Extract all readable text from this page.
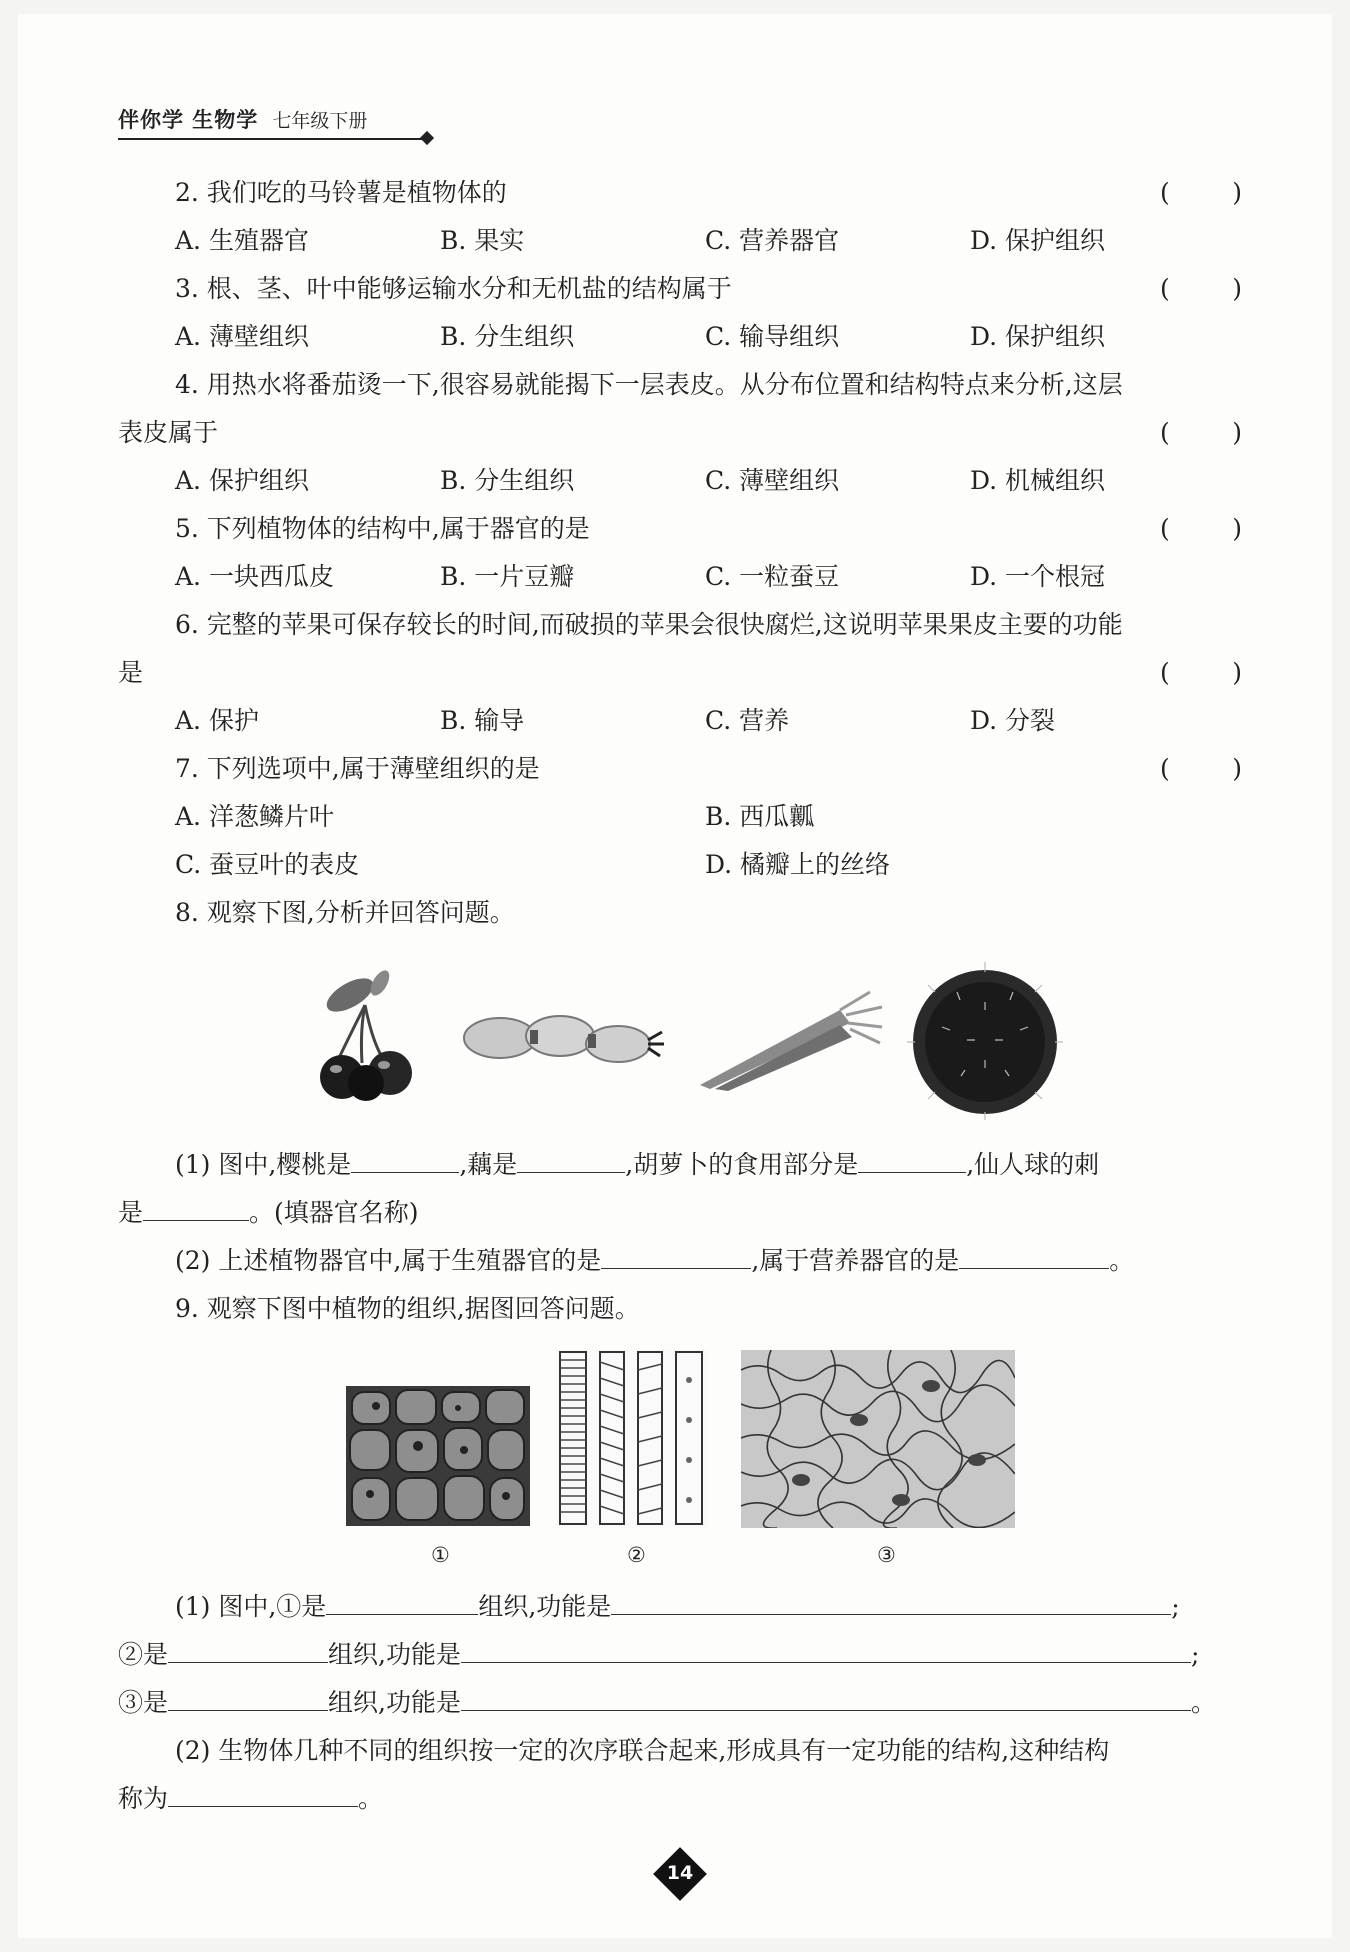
伴你学 生物学 七年级下册
2. 我们吃的马铃薯是植物体的	( )
A. 生殖器官	B. 果实	C. 营养器官	D. 保护组织
3. 根、茎、叶中能够运输水分和无机盐的结构属于	( )
A. 薄壁组织	B. 分生组织	C. 输导组织	D. 保护组织
4. 用热水将番茄烫一下,很容易就能揭下一层表皮。从分布位置和结构特点来分析,这层
表皮属于	( )
A. 保护组织	B. 分生组织	C. 薄壁组织	D. 机械组织
5. 下列植物体的结构中,属于器官的是	( )
A. 一块西瓜皮	B. 一片豆瓣	C. 一粒蚕豆	D. 一个根冠
6. 完整的苹果可保存较长的时间,而破损的苹果会很快腐烂,这说明苹果果皮主要的功能
是	( )
A. 保护	B. 输导	C. 营养	D. 分裂
7. 下列选项中,属于薄壁组织的是	( )
A. 洋葱鳞片叶	B. 西瓜瓤
C. 蚕豆叶的表皮	D. 橘瓣上的丝络
8. 观察下图,分析并回答问题。
(1) 图中,樱桃是	,藕是	,胡萝卜的食用部分是	,仙人球的刺
是	。(填器官名称)
(2) 上述植物器官中,属于生殖器官的是	,属于营养器官的是	。
9. 观察下图中植物的组织,据图回答问题。
①	②	③
(1) 图中,①是	组织,功能是	;
②是	组织,功能是	;
③是	组织,功能是	。
(2) 生物体几种不同的组织按一定的次序联合起来,形成具有一定功能的结构,这种结构
称为	。
14
